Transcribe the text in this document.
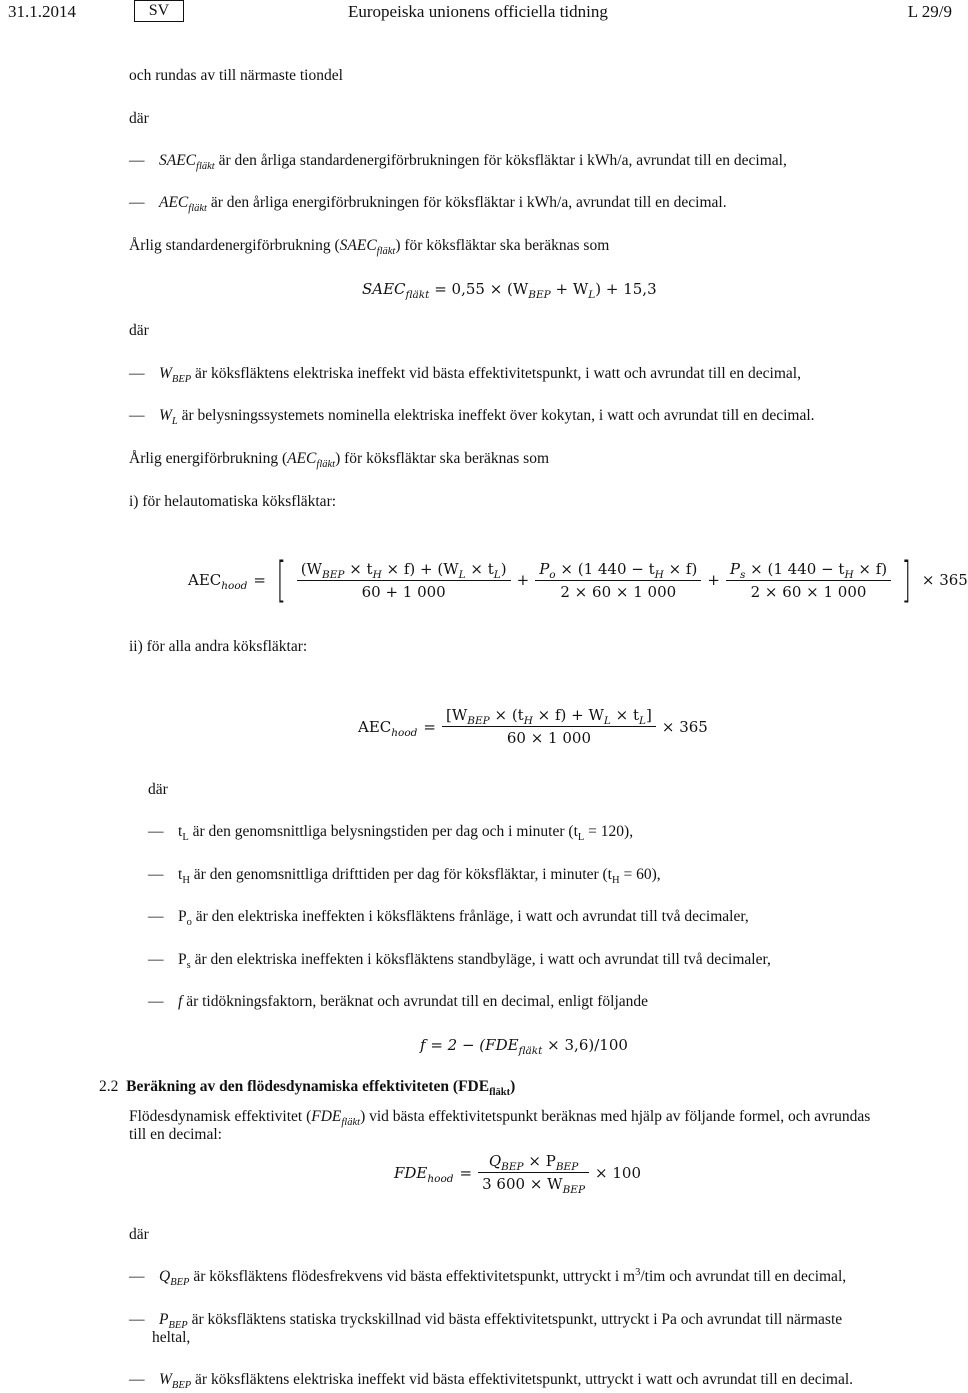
31.1.2014	SV	Europeiska unionens officiella tidning	L 29/9
och rundas av till närmaste tiondel
där
— $SAEC_{fläkt}$ är den årliga standardenergiförbrukningen för köksfläktar i kWh/a, avrundat till en decimal,
— $AEC_{fläkt}$ är den årliga energiförbrukningen för köksfläktar i kWh/a, avrundat till en decimal.
Årlig standardenergiförbrukning $(SAEC_{fläkt})$ för köksfläktar ska beräknas som
$SAEC_{fläkt} = 0,55 \times (W_{BEP} + W_L) + 15,3$
där
— $W_{BEP}$ är köksfläktens elektriska ineffekt vid bästa effektivitetspunkt, i watt och avrundat till en decimal,
— $W_L$ är belysningssystemets nominella elektriska ineffekt över kokytan, i watt och avrundat till en decimal.
Årlig energiförbrukning $(AEC_{fläkt})$ för köksfläktar ska beräknas som
i) för helautomatiska köksfläktar:
$AEC_{hood}$ = [ $\frac{(W_{BEP} \times t_H \times f) + (W_L \times t_L)}{60 + 1 000} + \frac{P_o \times (1 440 - t_H \times f)}{2 \times 60 \times 1 000} + \frac{P_s \times (1 440 - t_H \times f)}{2 \times 60 \times 1 000}$ ] × 365
ii) för alla andra köksfläktar:
$AEC_{hood} = \frac{[W_{BEP} \times (t_H \times f) + W_L \times t_L]}{60 \times 1 000} \times 365$
där
— $t_L$ är den genomsnittliga belysningstiden per dag och i minuter $(t_L = 120)$,
— $t_H$ är den genomsnittliga drifttiden per dag för köksfläktar, i minuter $(t_H = 60)$,
— $P_o$ är den elektriska ineffekten i köksfläktens frånläge, i watt och avrundat till två decimaler,
— $P_s$ är den elektriska ineffekten i köksfläktens standbyläge, i watt och avrundat till två decimaler,
— f är tidökningsfaktorn, beräknat och avrundat till en decimal, enligt följande
$f = 2 - (FDE_{fläkt} \times 3,6)/100$
2.2 Beräkning av den flödesdynamiska effektiviteten $(FDE_{fläkt})$
Flödesdynamisk effektivitet $(FDE_{fläkt})$ vid bästa effektivitetspunkt beräknas med hjälp av följande formel, och avrundas
till en decimal:
$FDE_{hood} = \frac{Q_{BEP} \times P_{BEP}}{3 600 \times W_{BEP}} \times 100$
där
— $Q_{BEP}$ är köksfläktens flödesfrekvens vid bästa effektivitetspunkt, uttryckt i $m^3$/tim och avrundat till en decimal,
— $P_{BEP}$ är köksfläktens statiska tryckskillnad vid bästa effektivitetspunkt, uttryckt i Pa och avrundat till närmaste
heltal,
— $W_{BEP}$ är köksfläktens elektriska ineffekt vid bästa effektivitetspunkt, uttryckt i watt och avrundat till en decimal.
